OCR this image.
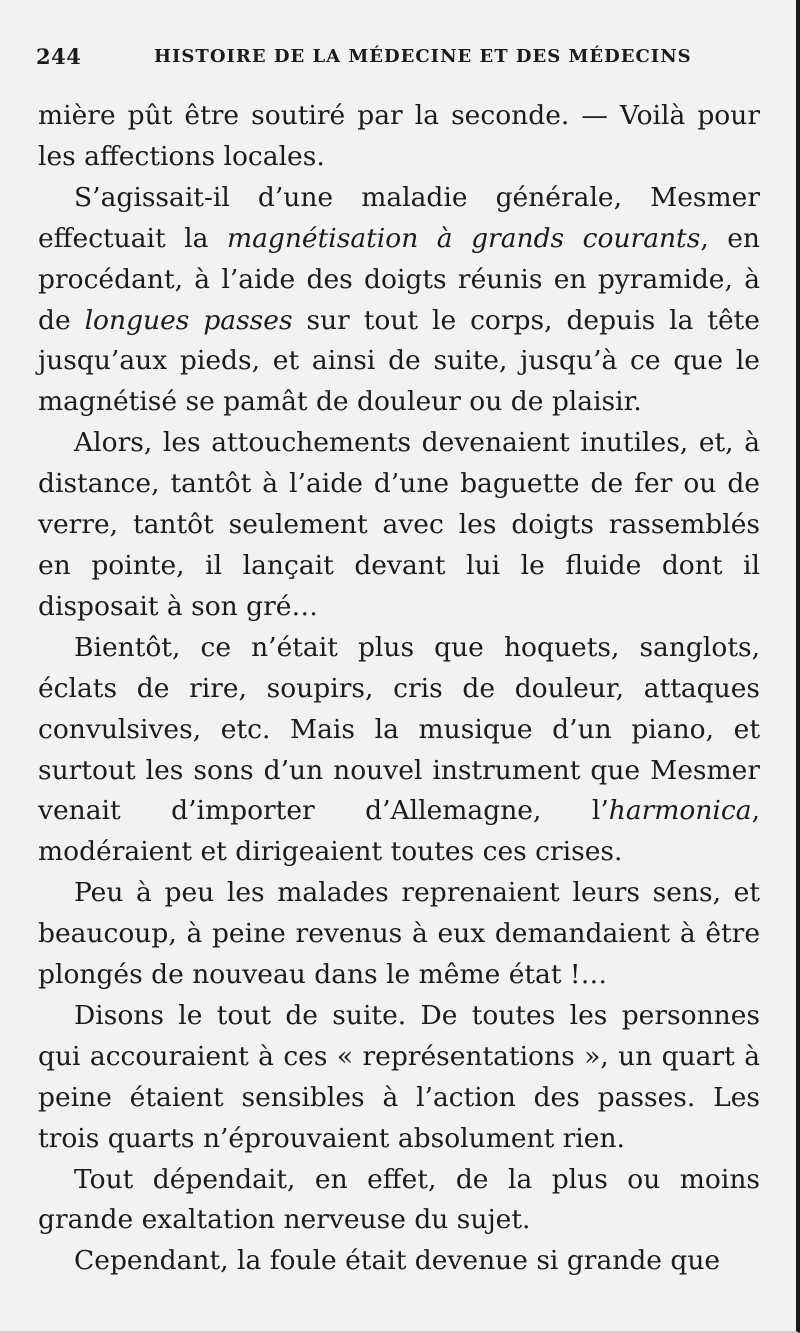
244	HISTOIRE DE LA MÉDECINE ET DES MÉDECINS

mière pût être soutiré par la seconde. — Voilà pour les affections locales.

S’agissait-il d’une maladie générale, Mesmer effectuait la magnétisation à grands courants, en procédant, à l’aide des doigts réunis en pyramide, à de longues passes sur tout le corps, depuis la tête jusqu’aux pieds, et ainsi de suite, jusqu’à ce que le magnétisé se pamât de douleur ou de plaisir.

Alors, les attouchements devenaient inutiles, et, à distance, tantôt à l’aide d’une baguette de fer ou de verre, tantôt seulement avec les doigts rassemblés en pointe, il lançait devant lui le fluide dont il disposait à son gré…

Bientôt, ce n’était plus que hoquets, sanglots, éclats de rire, soupirs, cris de douleur, attaques convulsives, etc. Mais la musique d’un piano, et surtout les sons d’un nouvel instrument que Mesmer venait d’importer d’Allemagne, l’harmonica, modéraient et dirigeaient toutes ces crises.

Peu à peu les malades reprenaient leurs sens, et beaucoup, à peine revenus à eux demandaient à être plongés de nouveau dans le même état !…

Disons le tout de suite. De toutes les personnes qui accouraient à ces « représentations », un quart à peine étaient sensibles à l’action des passes. Les trois quarts n’éprouvaient absolument rien.

Tout dépendait, en effet, de la plus ou moins grande exaltation nerveuse du sujet.

Cependant, la foule était devenue si grande que
